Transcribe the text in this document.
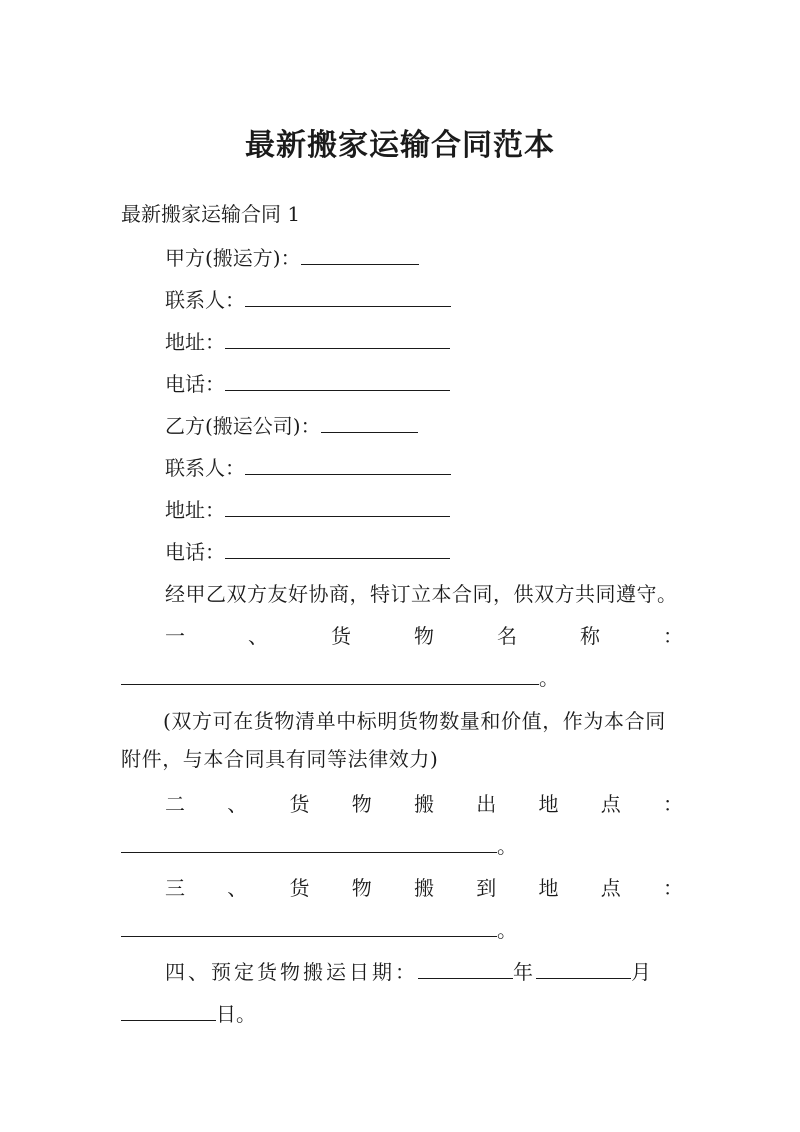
最新搬家运输合同范本
最新搬家运输合同 1
甲方(搬运方)：
联系人：
地址：
电话：
乙方(搬运公司)：
联系人：
地址：
电话：
经甲乙双方友好协商，特订立本合同，供双方共同遵守。
一	、	货	物	名	称	：
。
(双方可在货物清单中标明货物数量和价值，作为本合同附件，与本合同具有同等法律效力)
二 、 货 物 搬 出 地 点 ：
。
三 、 货 物 搬 到 地 点 ：
。
四、预定货物搬运日期：	年	月
日。
